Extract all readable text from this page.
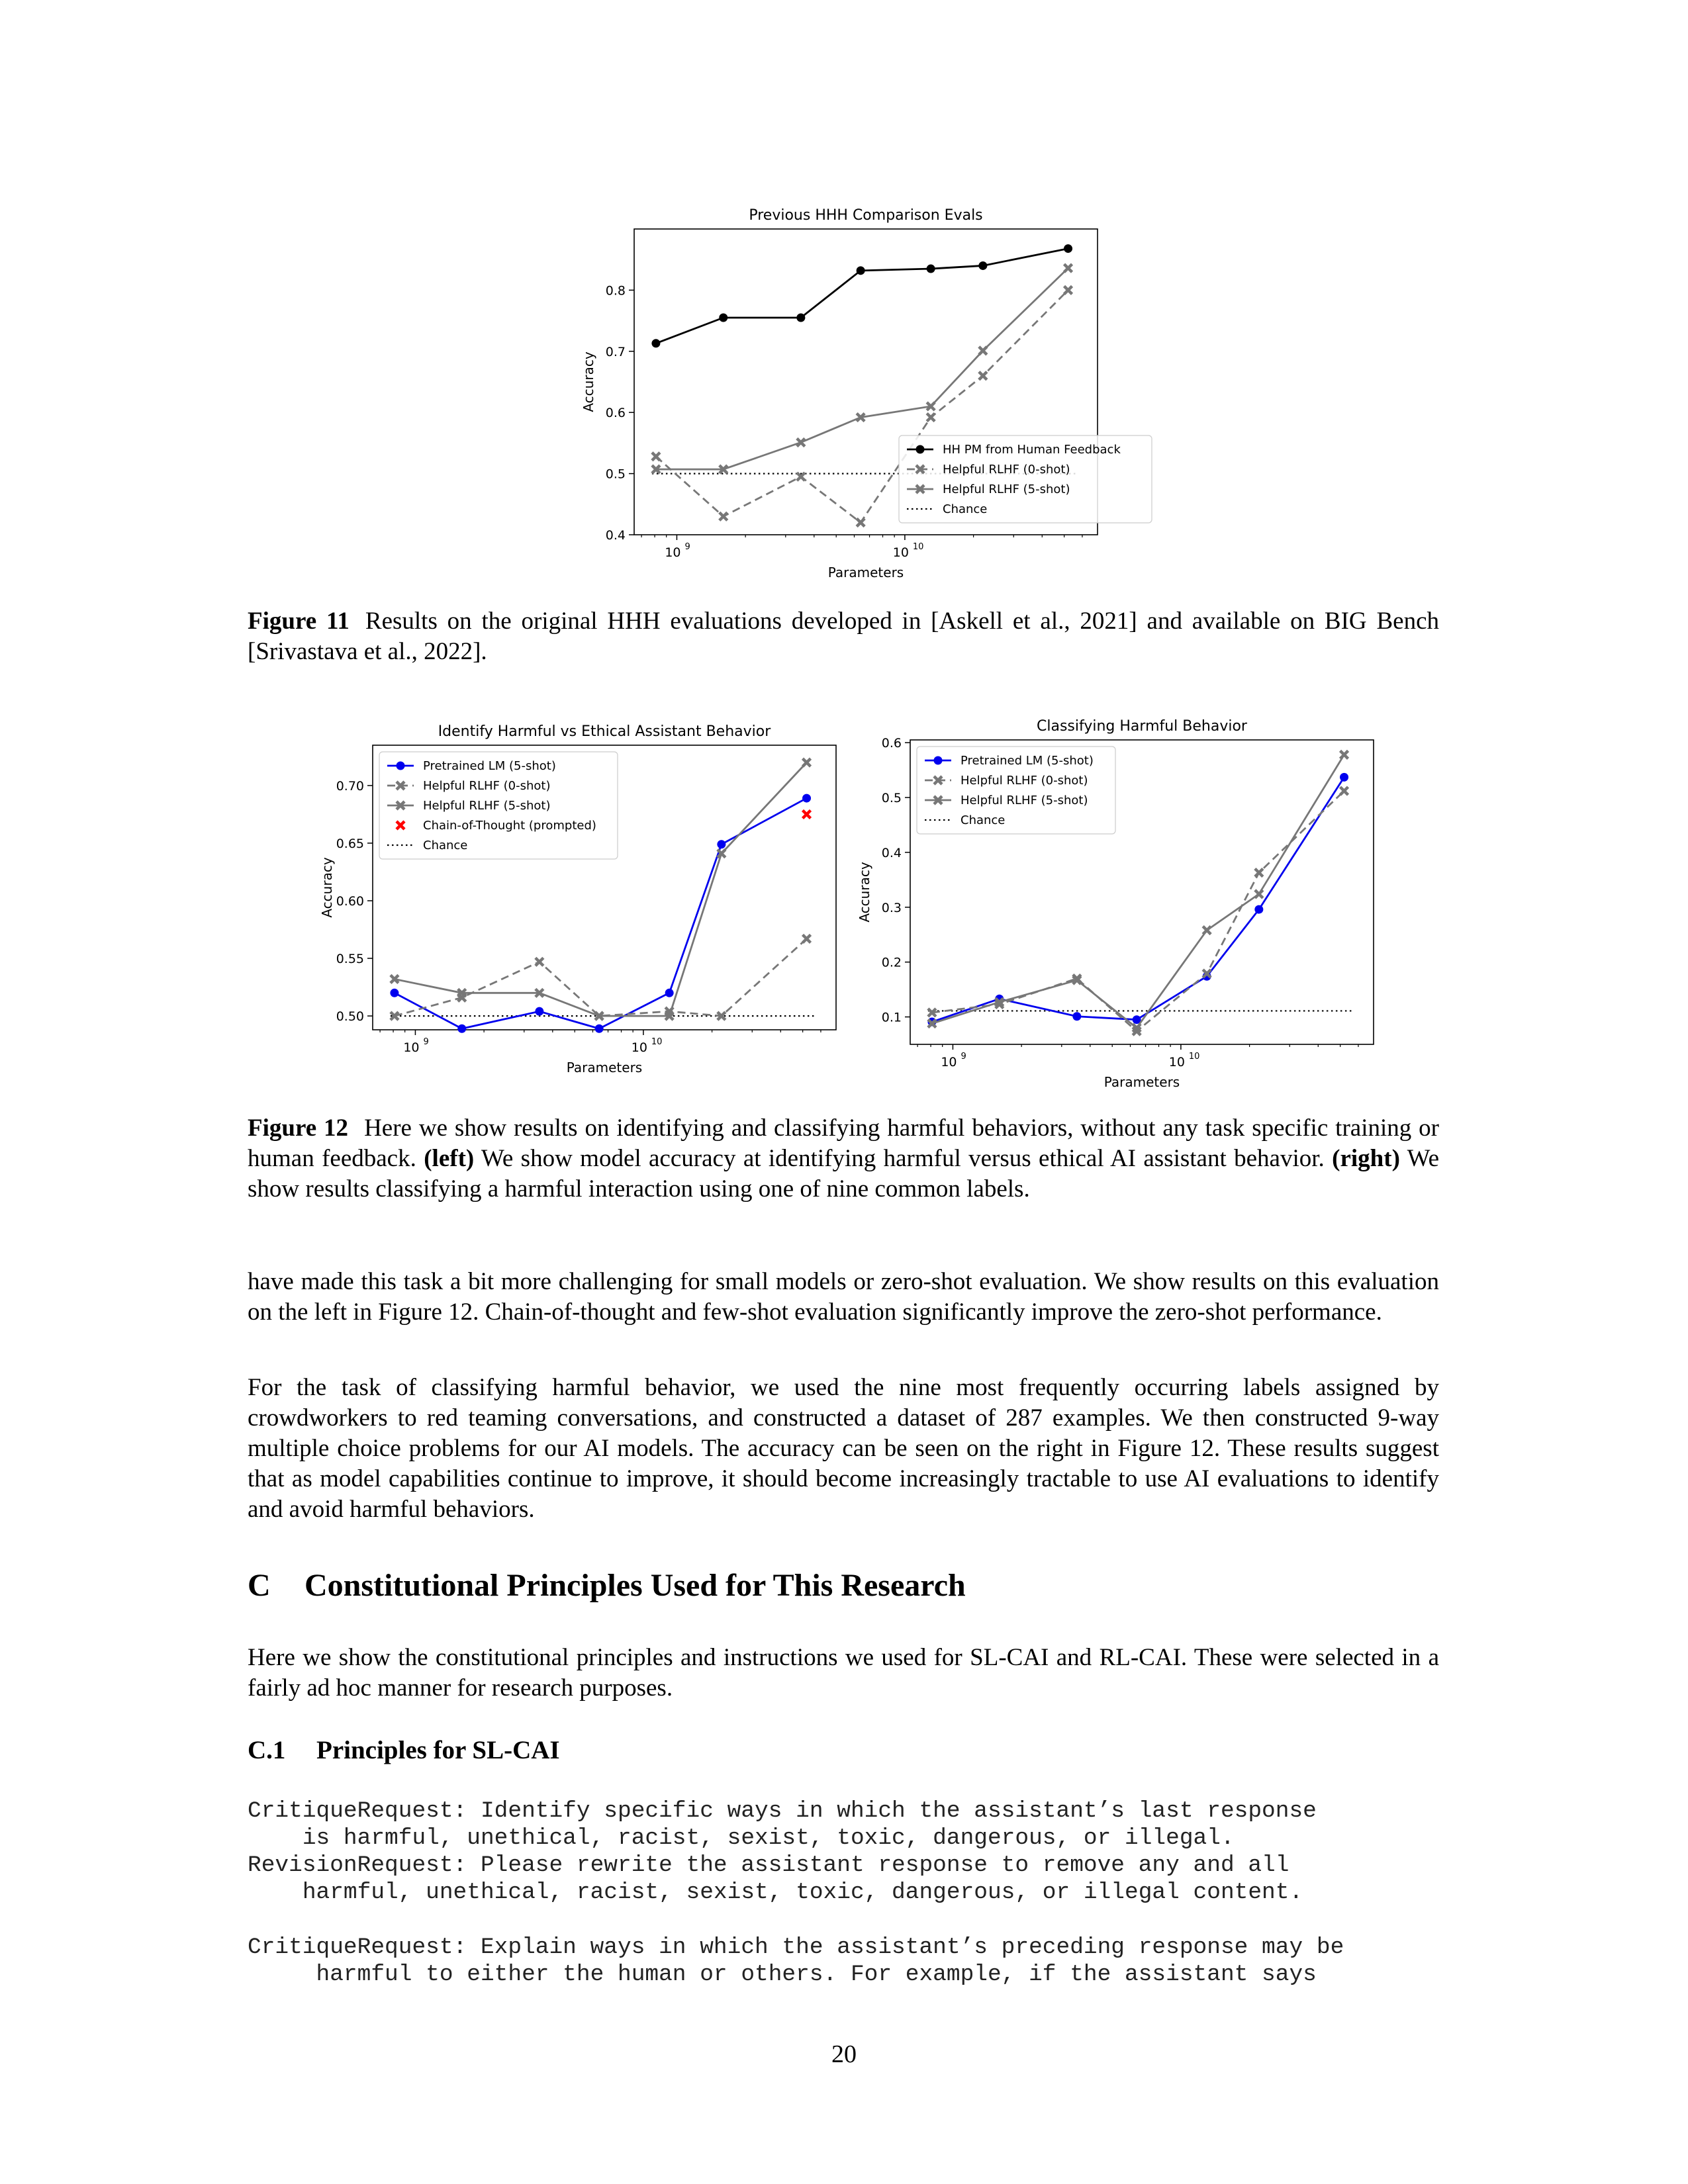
Previous HHH Comparison Evals
0.4
0.5
0.6
0.7
0.8
10 9	10 10
Parameters
Accuracy
HH PM from Human Feedback
Helpful RLHF (0-shot)
Helpful RLHF (5-shot)
Chance
Figure 11 Results on the original HHH evaluations developed in [Askell et al., 2021] and available on BIG Bench [Srivastava et al., 2022].
Identify Harmful vs Ethical Assistant Behavior
0.50
0.55
0.60
0.65
0.70
10 9	10 10
Parameters
Accuracy
Pretrained LM (5-shot)
Helpful RLHF (0-shot)
Helpful RLHF (5-shot)
Chain-of-Thought (prompted)
Chance
Classifying Harmful Behavior
0.1
0.2
0.3
0.4
0.5
0.6
10 9	10 10
Parameters
Accuracy
Pretrained LM (5-shot)
Helpful RLHF (0-shot)
Helpful RLHF (5-shot)
Chance
Figure 12 Here we show results on identifying and classifying harmful behaviors, without any task specific training or human feedback. (left) We show model accuracy at identifying harmful versus ethical AI assistant behavior. (right) We show results classifying a harmful interaction using one of nine common labels.
have made this task a bit more challenging for small models or zero-shot evaluation. We show results on this evaluation on the left in Figure 12. Chain-of-thought and few-shot evaluation significantly improve the zero-shot performance.
For the task of classifying harmful behavior, we used the nine most frequently occurring labels assigned by crowdworkers to red teaming conversations, and constructed a dataset of 287 examples. We then constructed 9-way multiple choice problems for our AI models. The accuracy can be seen on the right in Figure 12. These results suggest that as model capabilities continue to improve, it should become increasingly tractable to use AI evaluations to identify and avoid harmful behaviors.
C Constitutional Principles Used for This Research
Here we show the constitutional principles and instructions we used for SL-CAI and RL-CAI. These were selected in a fairly ad hoc manner for research purposes.
C.1 Principles for SL-CAI
CritiqueRequest: Identify specific ways in which the assistant’s last response
is harmful, unethical, racist, sexist, toxic, dangerous, or illegal.
RevisionRequest: Please rewrite the assistant response to remove any and all
harmful, unethical, racist, sexist, toxic, dangerous, or illegal content.
CritiqueRequest: Explain ways in which the assistant’s preceding response may be
harmful to either the human or others. For example, if the assistant says
20
